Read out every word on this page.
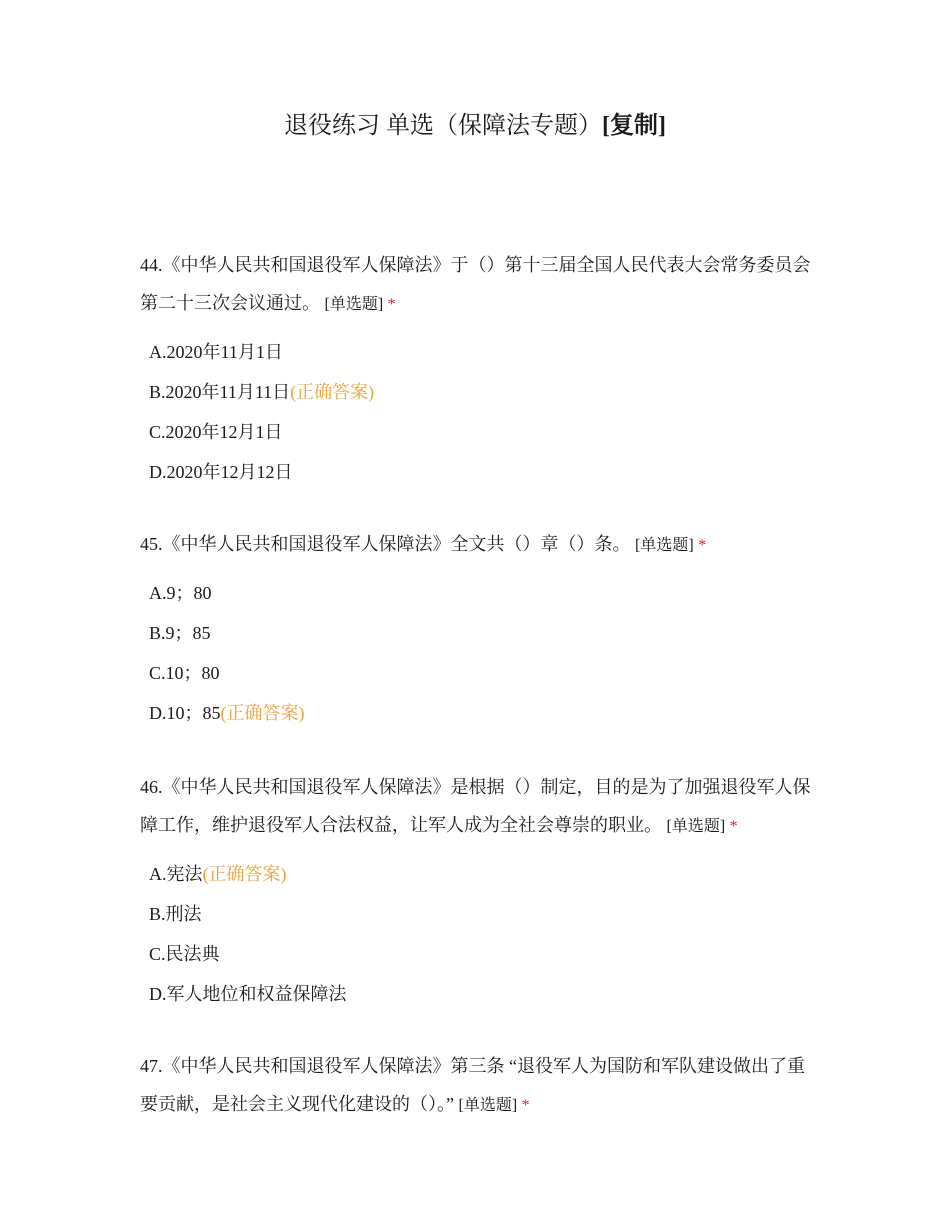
退役练习 单选（保障法专题）[复制]

44.《中华人民共和国退役军人保障法》于（）第十三届全国人民代表大会常务委员会第二十三次会议通过。 [单选题] *

A.2020年11月1日
B.2020年11月11日(正确答案)
C.2020年12月1日
D.2020年12月12日

45.《中华人民共和国退役军人保障法》全文共（）章（）条。 [单选题] *

A.9；80
B.9；85
C.10；80
D.10；85(正确答案)

46.《中华人民共和国退役军人保障法》是根据（）制定，目的是为了加强退役军人保障工作，维护退役军人合法权益，让军人成为全社会尊崇的职业。 [单选题] *

A.宪法(正确答案)
B.刑法
C.民法典
D.军人地位和权益保障法

47.《中华人民共和国退役军人保障法》第三条 “退役军人为国防和军队建设做出了重要贡献，是社会主义现代化建设的（）。” [单选题] *
